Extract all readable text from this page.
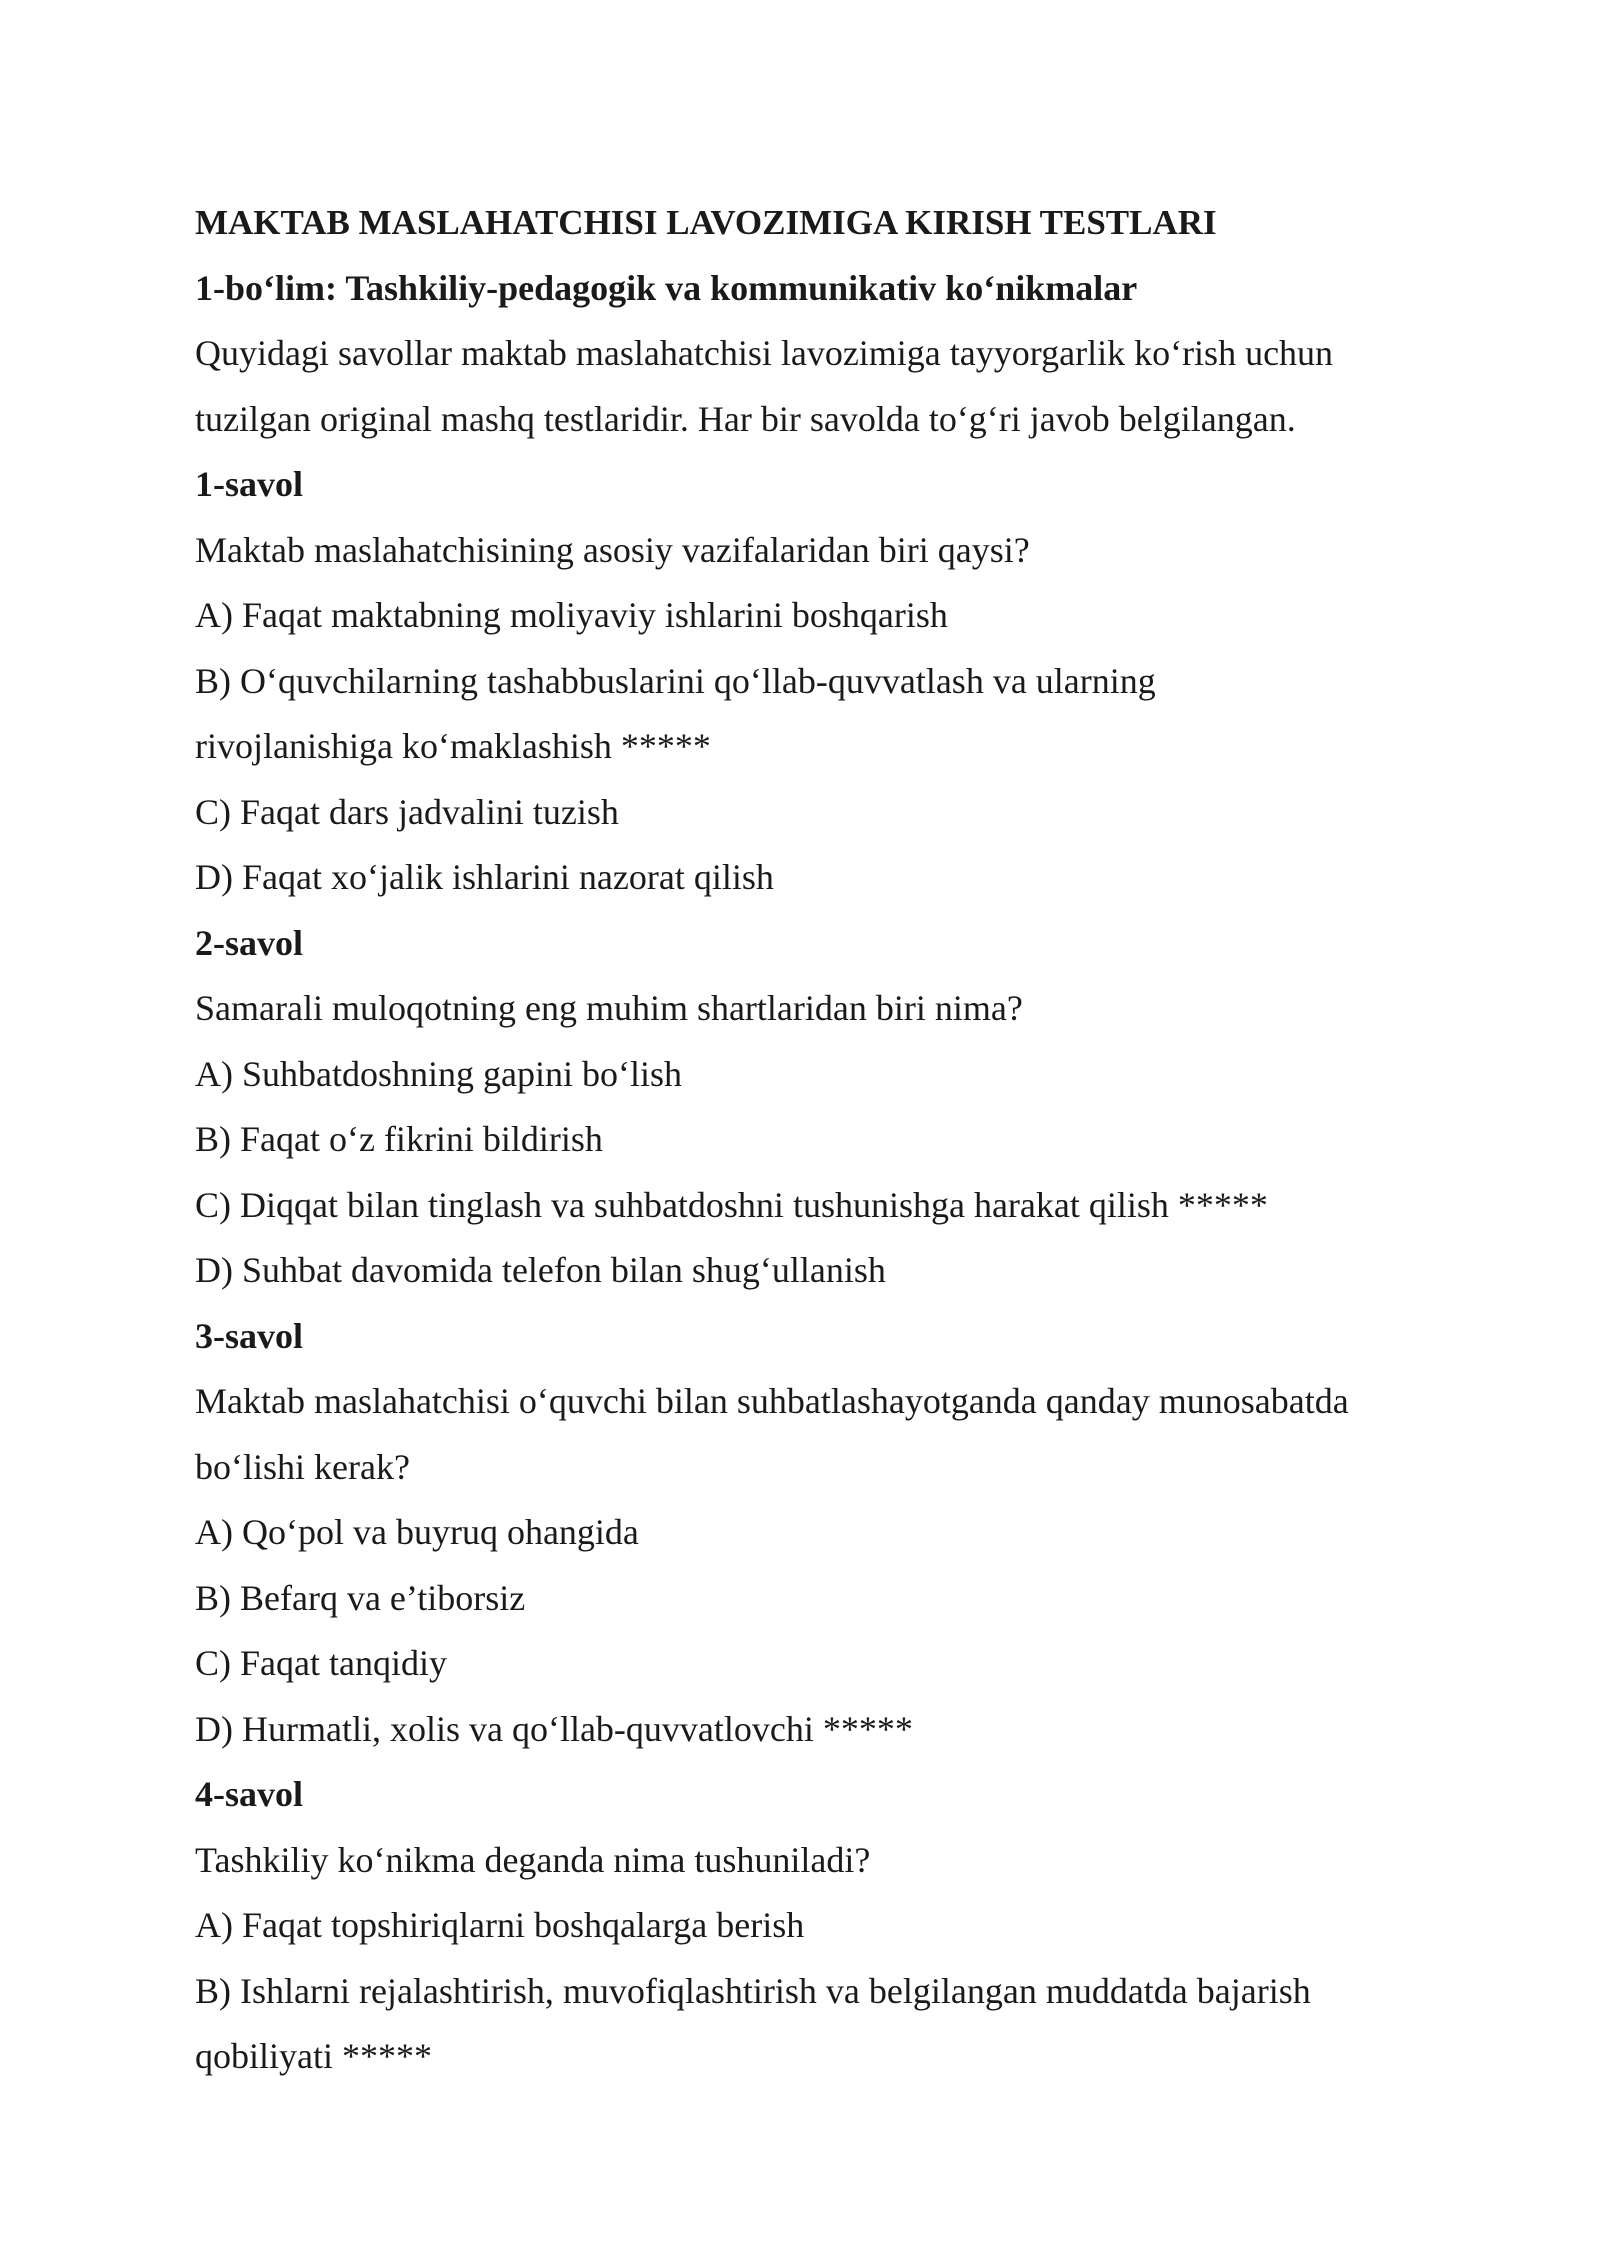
MAKTAB MASLAHATCHISI LAVOZIMIGA KIRISH TESTLARI
1-bo‘lim: Tashkiliy-pedagogik va kommunikativ ko‘nikmalar
Quyidagi savollar maktab maslahatchisi lavozimiga tayyorgarlik ko‘rish uchun
tuzilgan original mashq testlaridir. Har bir savolda to‘g‘ri javob belgilangan.
1-savol
Maktab maslahatchisining asosiy vazifalaridan biri qaysi?
A) Faqat maktabning moliyaviy ishlarini boshqarish
B) O‘quvchilarning tashabbuslarini qo‘llab-quvvatlash va ularning
rivojlanishiga ko‘maklashish *****
C) Faqat dars jadvalini tuzish
D) Faqat xo‘jalik ishlarini nazorat qilish
2-savol
Samarali muloqotning eng muhim shartlaridan biri nima?
A) Suhbatdoshning gapini bo‘lish
B) Faqat o‘z fikrini bildirish
C) Diqqat bilan tinglash va suhbatdoshni tushunishga harakat qilish *****
D) Suhbat davomida telefon bilan shug‘ullanish
3-savol
Maktab maslahatchisi o‘quvchi bilan suhbatlashayotganda qanday munosabatda
bo‘lishi kerak?
A) Qo‘pol va buyruq ohangida
B) Befarq va e’tiborsiz
C) Faqat tanqidiy
D) Hurmatli, xolis va qo‘llab-quvvatlovchi *****
4-savol
Tashkiliy ko‘nikma deganda nima tushuniladi?
A) Faqat topshiriqlarni boshqalarga berish
B) Ishlarni rejalashtirish, muvofiqlashtirish va belgilangan muddatda bajarish
qobiliyati *****
